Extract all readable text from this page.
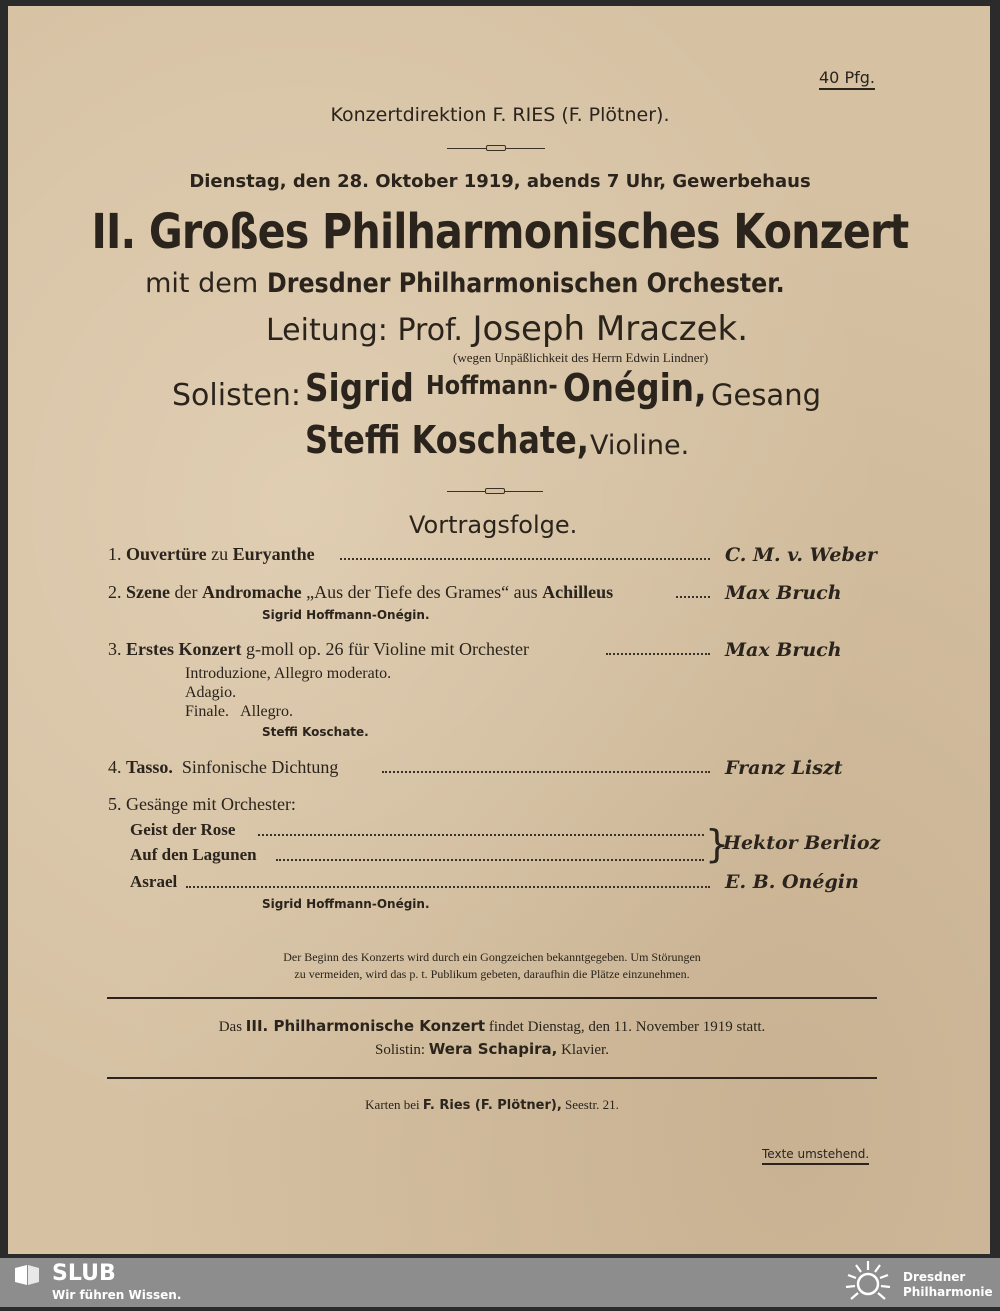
40 Pfg.
Konzertdirektion F. RIES (F. Plötner).
Dienstag, den 28. Oktober 1919, abends 7 Uhr, Gewerbehaus
II. Großes Philharmonisches Konzert
mit dem Dresdner Philharmonischen Orchester.
Leitung: Prof. Joseph Mraczek.
(wegen Unpäßlichkeit des Herrn Edwin Lindner)
Solisten: Sigrid Hoffmann- Onégin, Gesang
Steffi Koschate, Violine.
Vortragsfolge.
1. Ouvertüre zu Euryanthe	C. M. v. Weber
2. Szene der Andromache „Aus der Tiefe des Grames“ aus Achilleus	Max Bruch
Sigrid Hoffmann-Onégin.
3. Erstes Konzert g-moll op. 26 für Violine mit Orchester	Max Bruch
Introduzione, Allegro moderato.
Adagio.
Finale.   Allegro.
Steffi Koschate.
4. Tasso. Sinfonische Dichtung	Franz Liszt
5. Gesänge mit Orchester:
Geist der Rose
Auf den Lagunen	}
Hektor Berlioz
Asrael	E. B. Onégin
Sigrid Hoffmann-Onégin.
Der Beginn des Konzerts wird durch ein Gongzeichen bekanntgegeben. Um Störungen
zu vermeiden, wird das p. t. Publikum gebeten, daraufhin die Plätze einzunehmen.
Das III. Philharmonische Konzert findet Dienstag, den 11. November 1919 statt.
Solistin: Wera Schapira, Klavier.
Karten bei F. Ries (F. Plötner), Seestr. 21.
Texte umstehend.
SLUB
Wir führen Wissen.
Dresdner
Philharmonie
